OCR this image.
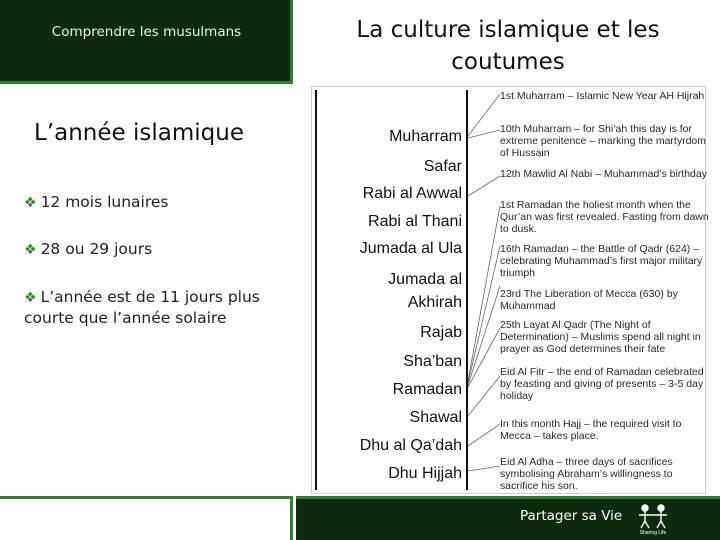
Comprendre les musulmans	La culture islamique et les
coutumes
L’année islamique
❖ 12 mois lunaires
❖ 28 ou 29 jours
❖ L’année est de 11 jours plus courte que l’année solaire
Muharram
Safar
Rabi al Awwal
Rabi al Thani
Jumada al Ula
Jumada al
Akhirah
Rajab
Sha’ban
Ramadan
Shawal
Dhu al Qa’dah
Dhu Hijjah
1st Muharram – Islamic New Year AH Hijrah
10th Muharram – for Shi’ah this day is for extreme penitence – marking the martyrdom of Hussain
12th Mawlid Al Nabi – Muhammad’s birthday
1st Ramadan the holiest month when the Qur’an was first revealed. Fasting from dawn to dusk.
16th Ramadan – the Battle of Qadr (624) – celebrating Muhammad’s first major military triumph
23rd The Liberation of Mecca (630) by Muhammad
25th Layat Al Qadr (The Night of Determination) – Muslims spend all night in prayer as God determines their fate
Eid Al Fitr – the end of Ramadan celebrated by feasting and giving of presents – 3-5 day holiday
In this month Hajj – the required visit to Mecca – takes place.
Eid Al Adha – three days of sacrifices symbolising Abraham’s willingness to sacrifice his son.
Partager sa Vie
Sharing Life
